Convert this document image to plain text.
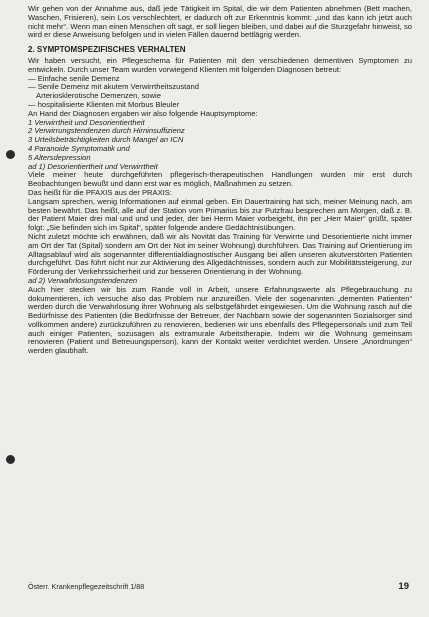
Wir gehen von der Annahme aus, daß jede Tätigkeit im Spital, die wir dem Patienten abnehmen (Bett machen, Waschen, Frisieren), sein Los verschlechtert, er dadurch oft zur Erkenntnis kommt: „und das kann ich jetzt auch nicht mehr“. Wenn man einen Menschen oft sagt, er soll liegen bleiben, und dabei auf die Sturzgefahr hinweist, so wird er diese Anweisung befolgen und in vielen Fällen dauernd bettlägrig werden.

2. SYMPTOMSPEZIFISCHES VERHALTEN

Wir haben versucht, ein Pflegeschema für Patienten mit den verschiedenen dementiven Symptomen zu entwickeln. Durch unser Team wurden vorwiegend Klienten mit folgenden Diagnosen betreut:

— Einfache senile Demenz
— Senile Demenz mit akutem Verwirrtheitszustand
Arteriosklerotische Demenzen, sowie
— hospitalisierte Klienten mit Morbus Bleuler

An Hand der Diagnosen ergaben wir also folgende Hauptsymptome:

1 Verwirrtheit und Desorientiertheit
2 Verwirrungstendenzen durch Hirninsuffizienz
3 Urteilsbeträchtigkeiten durch Mangel an ICN
4 Paranoide Symptomatik und
5 Altersdepression

ad 1) Desorientiertheit und Verwirrtheit

Viele meiner heute durchgeführten pflegerisch-therapeutischen Handlungen wurden mir erst durch Beobachtungen bewußt und dann erst war es möglich, Maßnahmen zu setzen.

Das heißt für die PFAXIS aus der PRAXIS:

Langsam sprechen, wenig Informationen auf einmal geben. Ein Dauertraining hat sich, meiner Meinung nach, am besten bewährt. Das heißt, alle auf der Station vom Primarius bis zur Putzfrau besprechen am Morgen, daß z. B. der Patient Maier drei mal und und und jeder, der bei Herrn Maier vorbeigeht, ihn per „Herr Maier“ grüßt, später folgt: „Sie befinden sich im Spital“, später folgende andere Gedächtnisübungen.

Nicht zuletzt möchte ich erwähnen, daß wir als Novität das Training für Verwirrte und Desorientierte nicht immer am Ort der Tat (Spital) sondern am Ort der Not im seiner Wohnung) durchführen. Das Training auf Orientierung im Alltagsablauf wird als sogenannter differentialdiagnostischer Ausgang bei allen unseren akutverstörten Patienten durchgeführt. Das führt nicht nur zur Aktivierung des Allgedächtnisses, sondern auch zur Mobilitätssteigerung, zur Förderung der Verkehrssicherheit und zur besseren Orientierung in der Wohnung.

ad 2) Verwahrlosungstendenzen

Auch hier stecken wir bis zum Rande voll in Arbeit, unsere Erfahrungswerte als Pflegebrauchung zu dokumentieren, ich versuche also das Problem nur anzureißen. Viele der sogenannten „dementen Patienten“ werden durch die Verwahrlosung ihrer Wohnung als selbstgefährdet eingewiesen. Um die Wohnung rasch auf die Bedürfnisse des Patienten (die Bedürfnisse der Betreuer, der Nachbarn sowie der sogenannten Sozialsorger sind vollkommen andere) zurückzuführen zu renovieren, bedienen wir uns ebenfalls des Pflegepersonals und zum Teil auch einiger Patienten, sozusagen als extramurale Arbeitstherapie. Indem wir die Wohnung gemeinsam renovieren (Patient und Betreuungsperson), kann der Kontakt weiter verdichtet werden. Unsere „Anordnungen“ werden glaubhaft.

Österr. Krankenpflegezeitschrift 1/88	19
